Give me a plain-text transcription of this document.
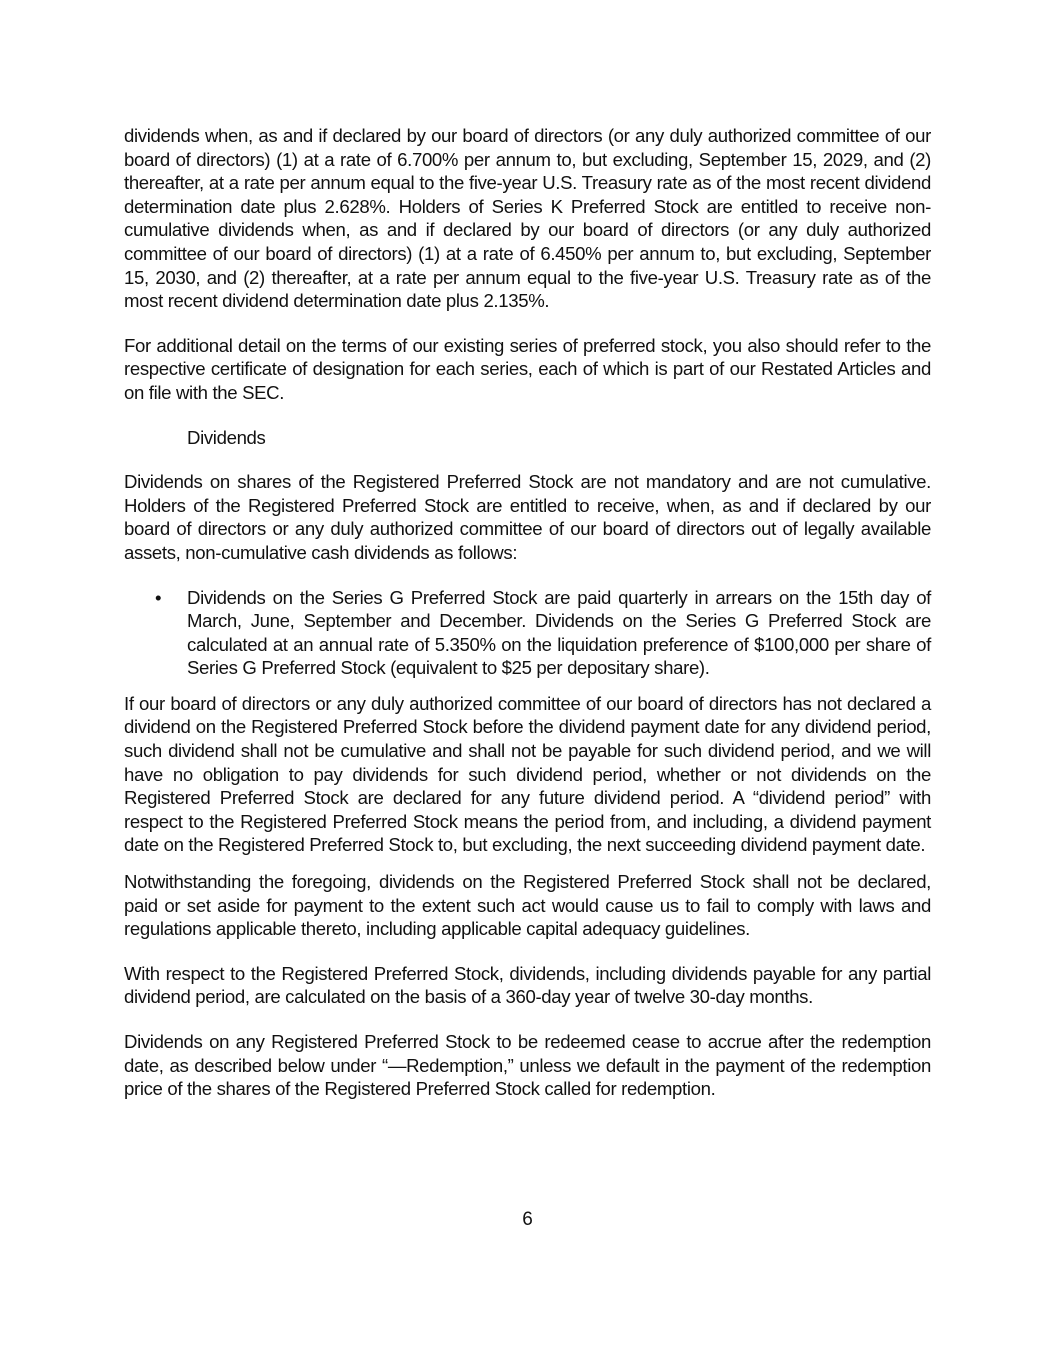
dividends when, as and if declared by our board of directors (or any duly authorized committee of our board of directors) (1) at a rate of 6.700% per annum to, but excluding, September 15, 2029, and (2) thereafter, at a rate per annum equal to the five-year U.S. Treasury rate as of the most recent dividend determination date plus 2.628%. Holders of Series K Preferred Stock are entitled to receive non-cumulative dividends when, as and if declared by our board of directors (or any duly authorized committee of our board of directors) (1) at a rate of 6.450% per annum to, but excluding, September 15, 2030, and (2) thereafter, at a rate per annum equal to the five-year U.S. Treasury rate as of the most recent dividend determination date plus 2.135%.

For additional detail on the terms of our existing series of preferred stock, you also should refer to the respective certificate of designation for each series, each of which is part of our Restated Articles and on file with the SEC.

Dividends

Dividends on shares of the Registered Preferred Stock are not mandatory and are not cumulative. Holders of the Registered Preferred Stock are entitled to receive, when, as and if declared by our board of directors or any duly authorized committee of our board of directors out of legally available assets, non-cumulative cash dividends as follows:

• Dividends on the Series G Preferred Stock are paid quarterly in arrears on the 15th day of March, June, September and December. Dividends on the Series G Preferred Stock are calculated at an annual rate of 5.350% on the liquidation preference of $100,000 per share of Series G Preferred Stock (equivalent to $25 per depositary share).

If our board of directors or any duly authorized committee of our board of directors has not declared a dividend on the Registered Preferred Stock before the dividend payment date for any dividend period, such dividend shall not be cumulative and shall not be payable for such dividend period, and we will have no obligation to pay dividends for such dividend period, whether or not dividends on the Registered Preferred Stock are declared for any future dividend period. A “dividend period” with respect to the Registered Preferred Stock means the period from, and including, a dividend payment date on the Registered Preferred Stock to, but excluding, the next succeeding dividend payment date.

Notwithstanding the foregoing, dividends on the Registered Preferred Stock shall not be declared, paid or set aside for payment to the extent such act would cause us to fail to comply with laws and regulations applicable thereto, including applicable capital adequacy guidelines.

With respect to the Registered Preferred Stock, dividends, including dividends payable for any partial dividend period, are calculated on the basis of a 360-day year of twelve 30-day months.

Dividends on any Registered Preferred Stock to be redeemed cease to accrue after the redemption date, as described below under “—Redemption,” unless we default in the payment of the redemption price of the shares of the Registered Preferred Stock called for redemption.

6
